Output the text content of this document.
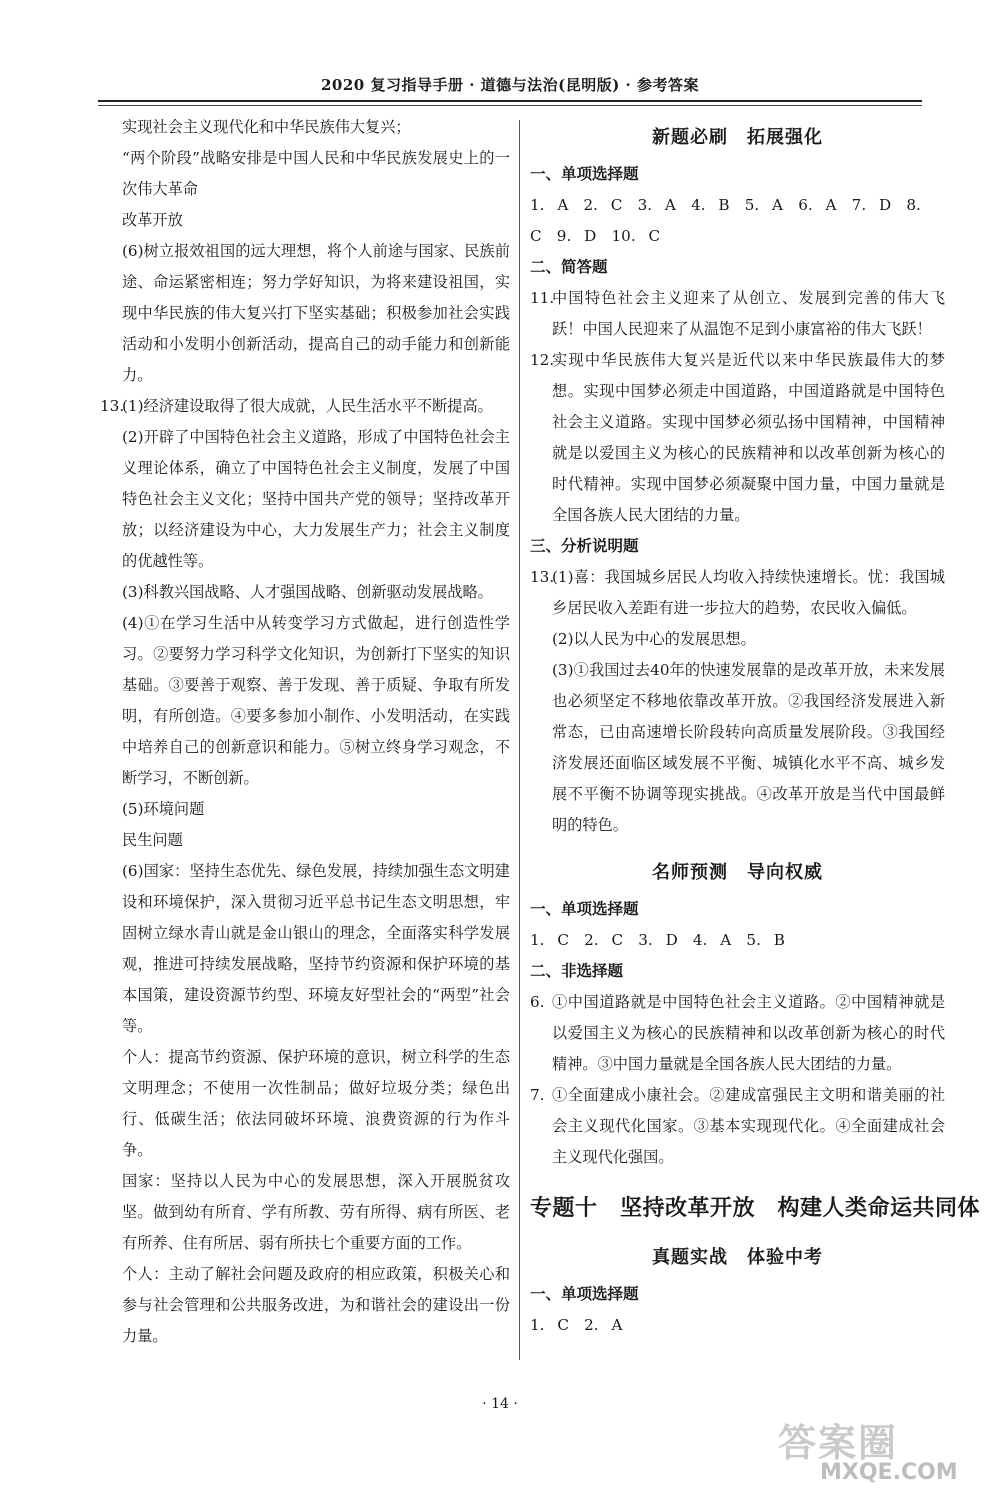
2020 复习指导手册 · 道德与法治(昆明版) · 参考答案

实现社会主义现代化和中华民族伟大复兴；

“两个阶段”战略安排是中国人民和中华民族发展史上的一次伟大革命

改革开放

(6)树立报效祖国的远大理想，将个人前途与国家、民族前途、命运紧密相连；努力学好知识，为将来建设祖国，实现中华民族的伟大复兴打下坚实基础；积极参加社会实践活动和小发明小创新活动，提高自己的动手能力和创新能力。

13.

(1)经济建设取得了很大成就，人民生活水平不断提高。

(2)开辟了中国特色社会主义道路，形成了中国特色社会主义理论体系，确立了中国特色社会主义制度，发展了中国特色社会主义文化；坚持中国共产党的领导；坚持改革开放；以经济建设为中心，大力发展生产力；社会主义制度的优越性等。

(3)科教兴国战略、人才强国战略、创新驱动发展战略。

(4)①在学习生活中从转变学习方式做起，进行创造性学习。②要努力学习科学文化知识，为创新打下坚实的知识基础。③要善于观察、善于发现、善于质疑、争取有所发明，有所创造。④要多参加小制作、小发明活动，在实践中培养自己的创新意识和能力。⑤树立终身学习观念，不断学习，不断创新。

(5)环境问题

民生问题

(6)国家：坚持生态优先、绿色发展，持续加强生态文明建设和环境保护，深入贯彻习近平总书记生态文明思想，牢固树立绿水青山就是金山银山的理念，全面落实科学发展观，推进可持续发展战略，坚持节约资源和保护环境的基本国策，建设资源节约型、环境友好型社会的“两型”社会等。

个人：提高节约资源、保护环境的意识，树立科学的生态文明理念；不使用一次性制品；做好垃圾分类；绿色出行、低碳生活；依法同破坏环境、浪费资源的行为作斗争。

国家：坚持以人民为中心的发展思想，深入开展脱贫攻坚。做到幼有所育、学有所教、劳有所得、病有所医、老有所养、住有所居、弱有所扶七个重要方面的工作。

个人：主动了解社会问题及政府的相应政策，积极关心和参与社会管理和公共服务改进，为和谐社会的建设出一份力量。

新题必刷　拓展强化

一、单项选择题

1. A　2. C　3. A　4. B　5. A　6. A　7. D　8. C　9. D　10. C

二、简答题

11.

中国特色社会主义迎来了从创立、发展到完善的伟大飞跃！中国人民迎来了从温饱不足到小康富裕的伟大飞跃！

12.

实现中华民族伟大复兴是近代以来中华民族最伟大的梦想。实现中国梦必须走中国道路，中国道路就是中国特色社会主义道路。实现中国梦必须弘扬中国精神，中国精神就是以爱国主义为核心的民族精神和以改革创新为核心的时代精神。实现中国梦必须凝聚中国力量，中国力量就是全国各族人民大团结的力量。

三、分析说明题

13.

(1)喜：我国城乡居民人均收入持续快速增长。忧：我国城乡居民收入差距有进一步拉大的趋势，农民收入偏低。

(2)以人民为中心的发展思想。

(3)①我国过去40年的快速发展靠的是改革开放，未来发展也必须坚定不移地依靠改革开放。②我国经济发展进入新常态，已由高速增长阶段转向高质量发展阶段。③我国经济发展还面临区域发展不平衡、城镇化水平不高、城乡发展不平衡不协调等现实挑战。④改革开放是当代中国最鲜明的特色。

名师预测　导向权威

一、单项选择题

1. C　2. C　3. D　4. A　5. B

二、非选择题

6. ①中国道路就是中国特色社会主义道路。②中国精神就是以爱国主义为核心的民族精神和以改革创新为核心的时代精神。③中国力量就是全国各族人民大团结的力量。

7. ①全面建成小康社会。②建成富强民主文明和谐美丽的社会主义现代化国家。③基本实现现代化。④全面建成社会主义现代化强国。

专题十　坚持改革开放　构建人类命运共同体
真题实战　体验中考

一、单项选择题

1. C　2. A

· 14 ·
答案圈
MXQE.COM
